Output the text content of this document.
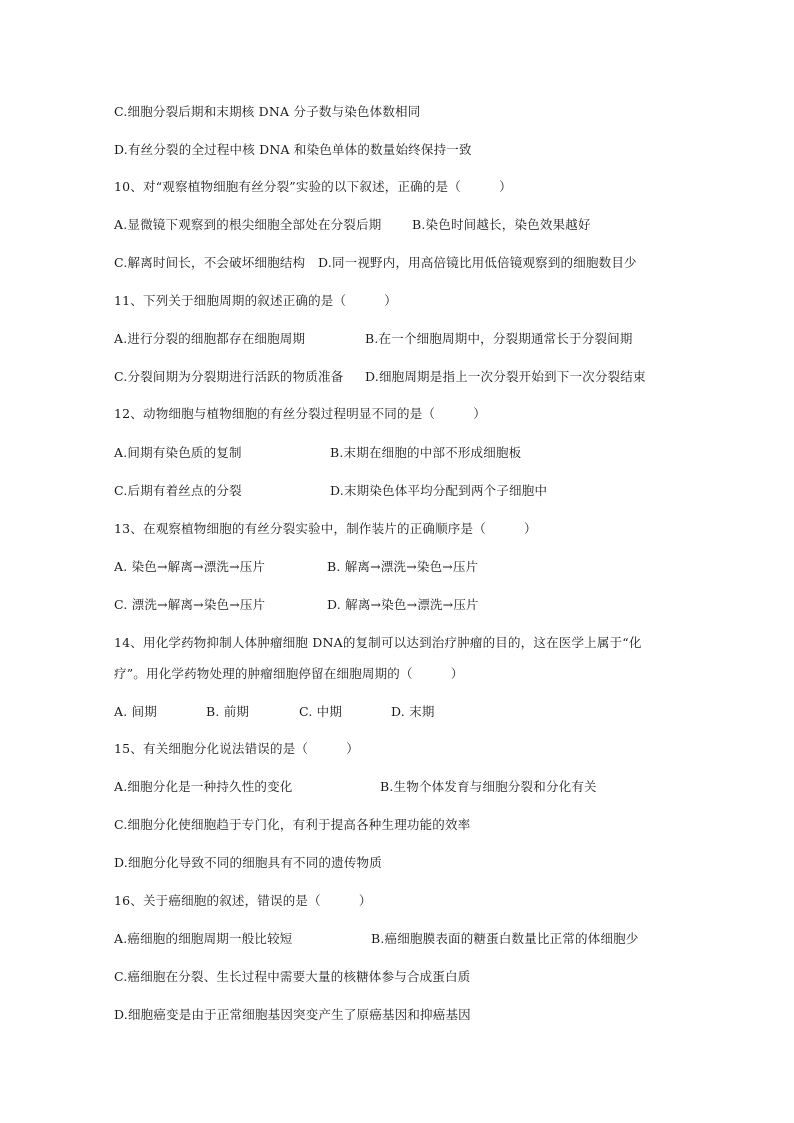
C.细胞分裂后期和末期核 DNA 分子数与染色体数相同
D.有丝分裂的全过程中核 DNA 和染色单体的数量始终保持一致
10、对“观察植物细胞有丝分裂”实验的以下叙述，正确的是（　　　）
A.显微镜下观察到的根尖细胞全部处在分裂后期 B.染色时间越长，染色效果越好
C.解离时间长，不会破坏细胞结构 D.同一视野内，用高倍镜比用低倍镜观察到的细胞数目少
11、下列关于细胞周期的叙述正确的是（　　　）
A.进行分裂的细胞都存在细胞周期	B.在一个细胞周期中，分裂期通常长于分裂间期
C.分裂间期为分裂期进行活跃的物质准备 D.细胞周期是指上一次分裂开始到下一次分裂结束
12、动物细胞与植物细胞的有丝分裂过程明显不同的是（　　　）
A.间期有染色质的复制	B.末期在细胞的中部不形成细胞板
C.后期有着丝点的分裂	D.末期染色体平均分配到两个子细胞中
13、在观察植物细胞的有丝分裂实验中，制作装片的正确顺序是（　　　）
A. 染色→解离→漂洗→压片	B. 解离→漂洗→染色→压片
C. 漂洗→解离→染色→压片	D. 解离→染色→漂洗→压片
14、用化学药物抑制人体肿瘤细胞 DNA的复制可以达到治疗肿瘤的目的，这在医学上属于“化
疗”。用化学药物处理的肿瘤细胞停留在细胞周期的（　　　）
A. 间期	B. 前期	C. 中期	D. 末期
15、有关细胞分化说法错误的是（　　　）
A.细胞分化是一种持久性的变化	B.生物个体发育与细胞分裂和分化有关
C.细胞分化使细胞趋于专门化，有利于提高各种生理功能的效率
D.细胞分化导致不同的细胞具有不同的遗传物质
16、关于癌细胞的叙述，错误的是（　　　）
A.癌细胞的细胞周期一般比较短	B.癌细胞膜表面的糖蛋白数量比正常的体细胞少
C.癌细胞在分裂、生长过程中需要大量的核糖体参与合成蛋白质
D.细胞癌变是由于正常细胞基因突变产生了原癌基因和抑癌基因
